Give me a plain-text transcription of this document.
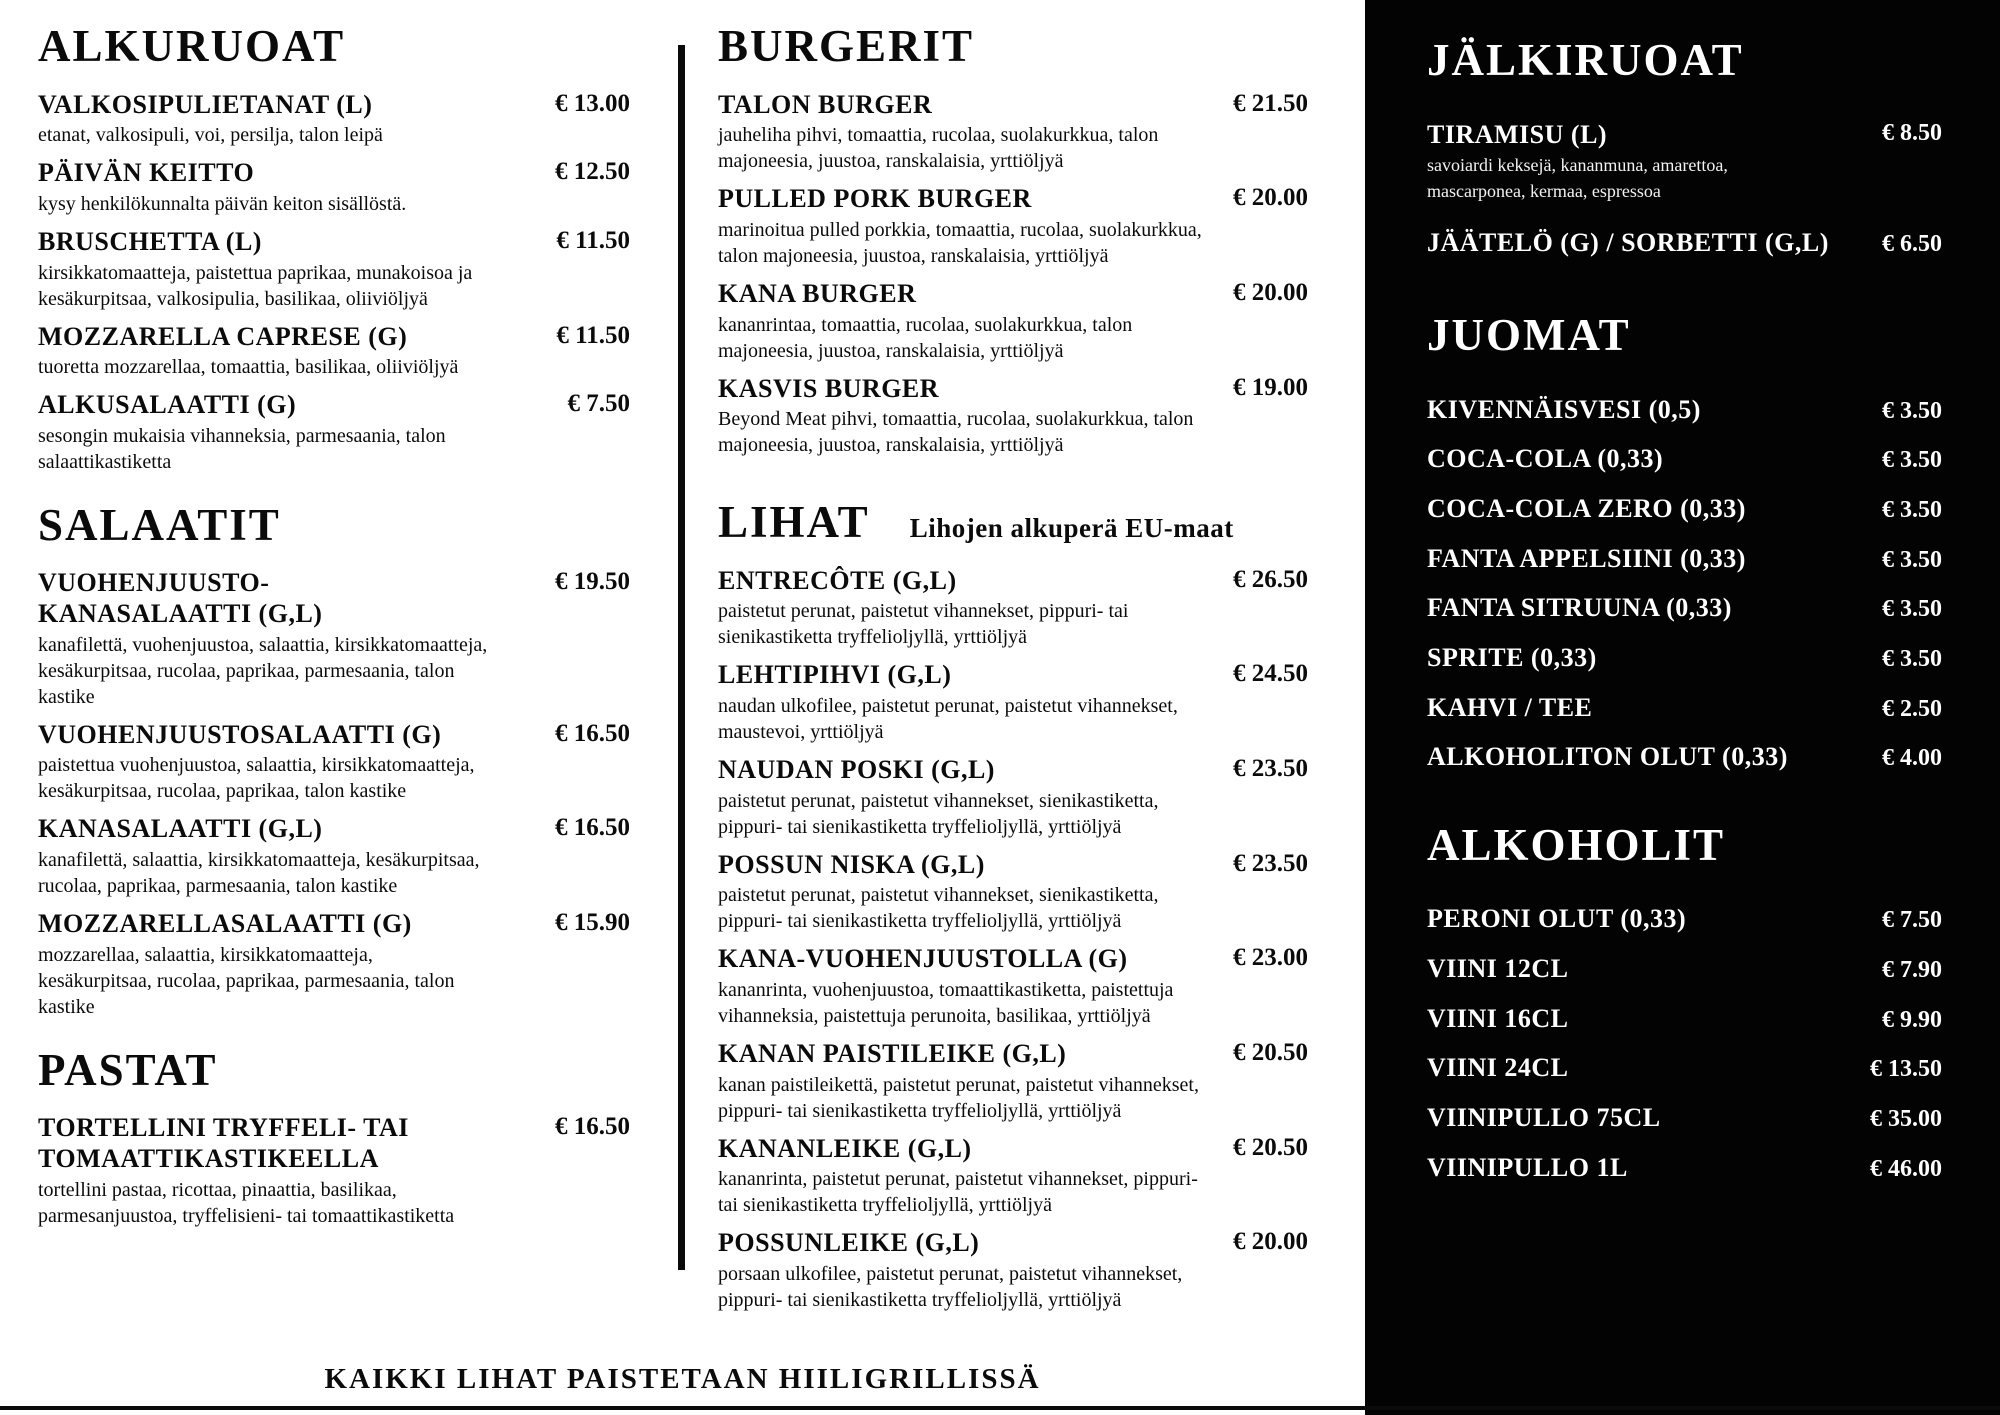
ALKURUOAT
VALKOSIPULIETANAT (L)	€ 13.00
etanat, valkosipuli, voi, persilja, talon leipä
PÄIVÄN KEITTO	€ 12.50
kysy henkilökunnalta päivän keiton sisällöstä.
BRUSCHETTA (L)	€ 11.50
kirsikkatomaatteja, paistettua paprikaa, munakoisoa ja kesäkurpitsaa, valkosipulia, basilikaa, oliiviöljyä
MOZZARELLA CAPRESE (G)	€ 11.50
tuoretta mozzarellaa, tomaattia, basilikaa, oliiviöljyä
ALKUSALAATTI (G)	€ 7.50
sesongin mukaisia vihanneksia, parmesaania, talon salaattikastiketta
SALAATIT
VUOHENJUUSTO-KANASALAATTI (G,L)
€ 19.50
kanafilettä, vuohenjuustoa, salaattia, kirsikkatomaatteja, kesäkurpitsaa, rucolaa, paprikaa, parmesaania, talon kastike
VUOHENJUUSTOSALAATTI (G)	€ 16.50
paistettua vuohenjuustoa, salaattia, kirsikkatomaatteja, kesäkurpitsaa, rucolaa, paprikaa, talon kastike
KANASALAATTI (G,L)	€ 16.50
kanafilettä, salaattia, kirsikkatomaatteja, kesäkurpitsaa, rucolaa, paprikaa, parmesaania, talon kastike
MOZZARELLASALAATTI (G)	€ 15.90
mozzarellaa, salaattia, kirsikkatomaatteja, kesäkurpitsaa, rucolaa, paprikaa, parmesaania, talon kastike
PASTAT
TORTELLINI TRYFFELI- TAI TOMAATTIKASTIKEELLA
€ 16.50
tortellini pastaa, ricottaa, pinaattia, basilikaa, parmesanjuustoa, tryffelisieni- tai tomaattikastiketta
BURGERIT
TALON BURGER	€ 21.50
jauheliha pihvi, tomaattia, rucolaa, suolakurkkua, talon majoneesia, juustoa, ranskalaisia, yrttiöljyä
PULLED PORK BURGER	€ 20.00
marinoitua pulled porkkia, tomaattia, rucolaa, suolakurkkua, talon majoneesia, juustoa, ranskalaisia, yrttiöljyä
KANA BURGER	€ 20.00
kananrintaa, tomaattia, rucolaa, suolakurkkua, talon majoneesia, juustoa, ranskalaisia, yrttiöljyä
KASVIS BURGER	€ 19.00
Beyond Meat pihvi, tomaattia, rucolaa, suolakurkkua, talon majoneesia, juustoa, ranskalaisia, yrttiöljyä
LIHAT Lihojen alkuperä EU-maat
ENTRECÔTE (G,L)	€ 26.50
paistetut perunat, paistetut vihannekset, pippuri- tai sienikastiketta tryffelioljyllä, yrttiöljyä
LEHTIPIHVI (G,L)	€ 24.50
naudan ulkofilee, paistetut perunat, paistetut vihannekset, maustevoi, yrttiöljyä
NAUDAN POSKI (G,L)	€ 23.50
paistetut perunat, paistetut vihannekset, sienikastiketta, pippuri- tai sienikastiketta tryffelioljyllä, yrttiöljyä
POSSUN NISKA (G,L)	€ 23.50
paistetut perunat, paistetut vihannekset, sienikastiketta, pippuri- tai sienikastiketta tryffelioljyllä, yrttiöljyä
KANA-VUOHENJUUSTOLLA (G)	€ 23.00
kananrinta, vuohenjuustoa, tomaattikastiketta, paistettuja vihanneksia, paistettuja perunoita, basilikaa, yrttiöljyä
KANAN PAISTILEIKE (G,L)	€ 20.50
kanan paistileikettä, paistetut perunat, paistetut vihannekset, pippuri- tai sienikastiketta tryffelioljyllä, yrttiöljyä
KANANLEIKE (G,L)	€ 20.50
kananrinta, paistetut perunat, paistetut vihannekset, pippuri- tai sienikastiketta tryffelioljyllä, yrttiöljyä
POSSUNLEIKE (G,L)	€ 20.00
porsaan ulkofilee, paistetut perunat, paistetut vihannekset, pippuri- tai sienikastiketta tryffelioljyllä, yrttiöljyä
JÄLKIRUOAT
TIRAMISU (L)	€ 8.50
savoiardi keksejä, kananmuna, amarettoa, mascarponea, kermaa, espressoa
JÄÄTELÖ (G) / SORBETTI (G,L) € 6.50
JUOMAT
KIVENNÄISVESI (0,5)	€ 3.50
COCA-COLA (0,33)	€ 3.50
COCA-COLA ZERO (0,33)	€ 3.50
FANTA APPELSIINI (0,33)	€ 3.50
FANTA SITRUUNA (0,33)	€ 3.50
SPRITE (0,33)	€ 3.50
KAHVI / TEE	€ 2.50
ALKOHOLITON OLUT (0,33)	€ 4.00
ALKOHOLIT
PERONI OLUT (0,33)	€ 7.50
VIINI 12CL	€ 7.90
VIINI 16CL	€ 9.90
VIINI 24CL	€ 13.50
VIINIPULLO 75CL	€ 35.00
VIINIPULLO 1L	€ 46.00
KAIKKI LIHAT PAISTETAAN HIILIGRILLISSÄ
